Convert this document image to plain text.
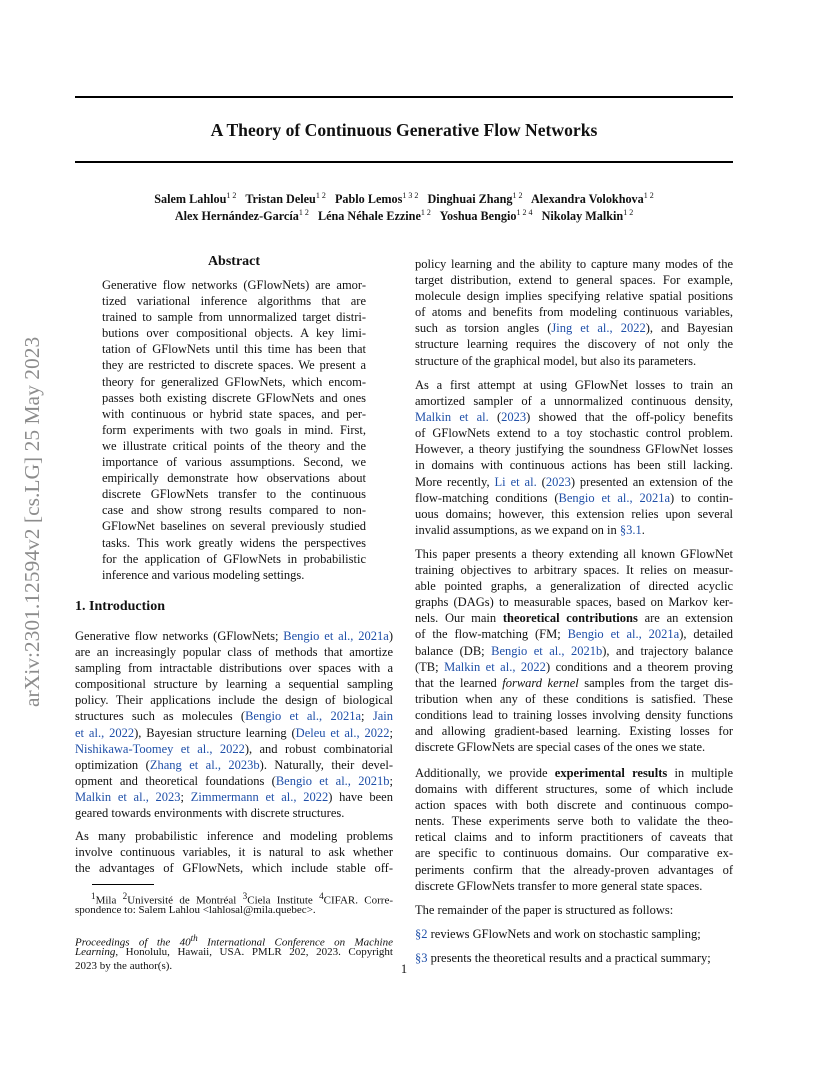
arXiv:2301.12594v2 [cs.LG] 25 May 2023
A Theory of Continuous Generative Flow Networks
Salem Lahlou$^{1 2}$ Tristan Deleu$^{1 2}$ Pablo Lemos$^{1 3 2}$ Dinghuai Zhang$^{1 2}$ Alexandra Volokhova$^{1 2}$
Alex Hernández-García$^{1 2}$ Léna Néhale Ezzine$^{1 2}$ Yoshua Bengio$^{1 2 4}$ Nikolay Malkin$^{1 2}$
Abstract
Generative flow networks (GFlowNets) are amor-
tized variational inference algorithms that are
trained to sample from unnormalized target distri-
butions over compositional objects. A key limi-
tation of GFlowNets until this time has been that
they are restricted to discrete spaces. We present a
theory for generalized GFlowNets, which encom-
passes both existing discrete GFlowNets and ones
with continuous or hybrid state spaces, and per-
form experiments with two goals in mind. First,
we illustrate critical points of the theory and the
importance of various assumptions. Second, we
empirically demonstrate how observations about
discrete GFlowNets transfer to the continuous
case and show strong results compared to non-
GFlowNet baselines on several previously studied
tasks. This work greatly widens the perspectives
for the application of GFlowNets in probabilistic
inference and various modeling settings.
1. Introduction
Generative flow networks (GFlowNets; Bengio et al., 2021a)
are an increasingly popular class of methods that amortize
sampling from intractable distributions over spaces with a
compositional structure by learning a sequential sampling
policy. Their applications include the design of biological
structures such as molecules (Bengio et al., 2021a; Jain
et al., 2022), Bayesian structure learning (Deleu et al., 2022;
Nishikawa-Toomey et al., 2022), and robust combinatorial
optimization (Zhang et al., 2023b). Naturally, their devel-
opment and theoretical foundations (Bengio et al., 2021b;
Malkin et al., 2023; Zimmermann et al., 2022) have been
geared towards environments with discrete structures.
As many probabilistic inference and modeling problems
involve continuous variables, it is natural to ask whether
the advantages of GFlowNets, which include stable off-
$^1$Mila $^2$Université de Montréal $^3$Ciela Institute $^4$CIFAR. Corre-
spondence to: Salem Lahlou <lahlosal@mila.quebec>.
Proceedings of the 40th International Conference on Machine
Learning, Honolulu, Hawaii, USA. PMLR 202, 2023. Copyright
2023 by the author(s).
policy learning and the ability to capture many modes of the
target distribution, extend to general spaces. For example,
molecule design implies specifying relative spatial positions
of atoms and benefits from modeling continuous variables,
such as torsion angles (Jing et al., 2022), and Bayesian
structure learning requires the discovery of not only the
structure of the graphical model, but also its parameters.
As a first attempt at using GFlowNet losses to train an
amortized sampler of a unnormalized continuous density,
Malkin et al. (2023) showed that the off-policy benefits
of GFlowNets extend to a toy stochastic control problem.
However, a theory justifying the soundness GFlowNet losses
in domains with continuous actions has been still lacking.
More recently, Li et al. (2023) presented an extension of the
flow-matching conditions (Bengio et al., 2021a) to contin-
uous domains; however, this extension relies upon several
invalid assumptions, as we expand on in §3.1.
This paper presents a theory extending all known GFlowNet
training objectives to arbitrary spaces. It relies on measur-
able pointed graphs, a generalization of directed acyclic
graphs (DAGs) to measurable spaces, based on Markov ker-
nels. Our main theoretical contributions are an extension
of the flow-matching (FM; Bengio et al., 2021a), detailed
balance (DB; Bengio et al., 2021b), and trajectory balance
(TB; Malkin et al., 2022) conditions and a theorem proving
that the learned forward kernel samples from the target dis-
tribution when any of these conditions is satisfied. These
conditions lead to training losses involving density functions
and allowing gradient-based learning. Existing losses for
discrete GFlowNets are special cases of the ones we state.
Additionally, we provide experimental results in multiple
domains with different structures, some of which include
action spaces with both discrete and continuous compo-
nents. These experiments serve both to validate the theo-
retical claims and to inform practitioners of caveats that
are specific to continuous domains. Our comparative ex-
periments confirm that the already-proven advantages of
discrete GFlowNets transfer to more general state spaces.
The remainder of the paper is structured as follows:
§2 reviews GFlowNets and work on stochastic sampling;
§3 presents the theoretical results and a practical summary;
1
